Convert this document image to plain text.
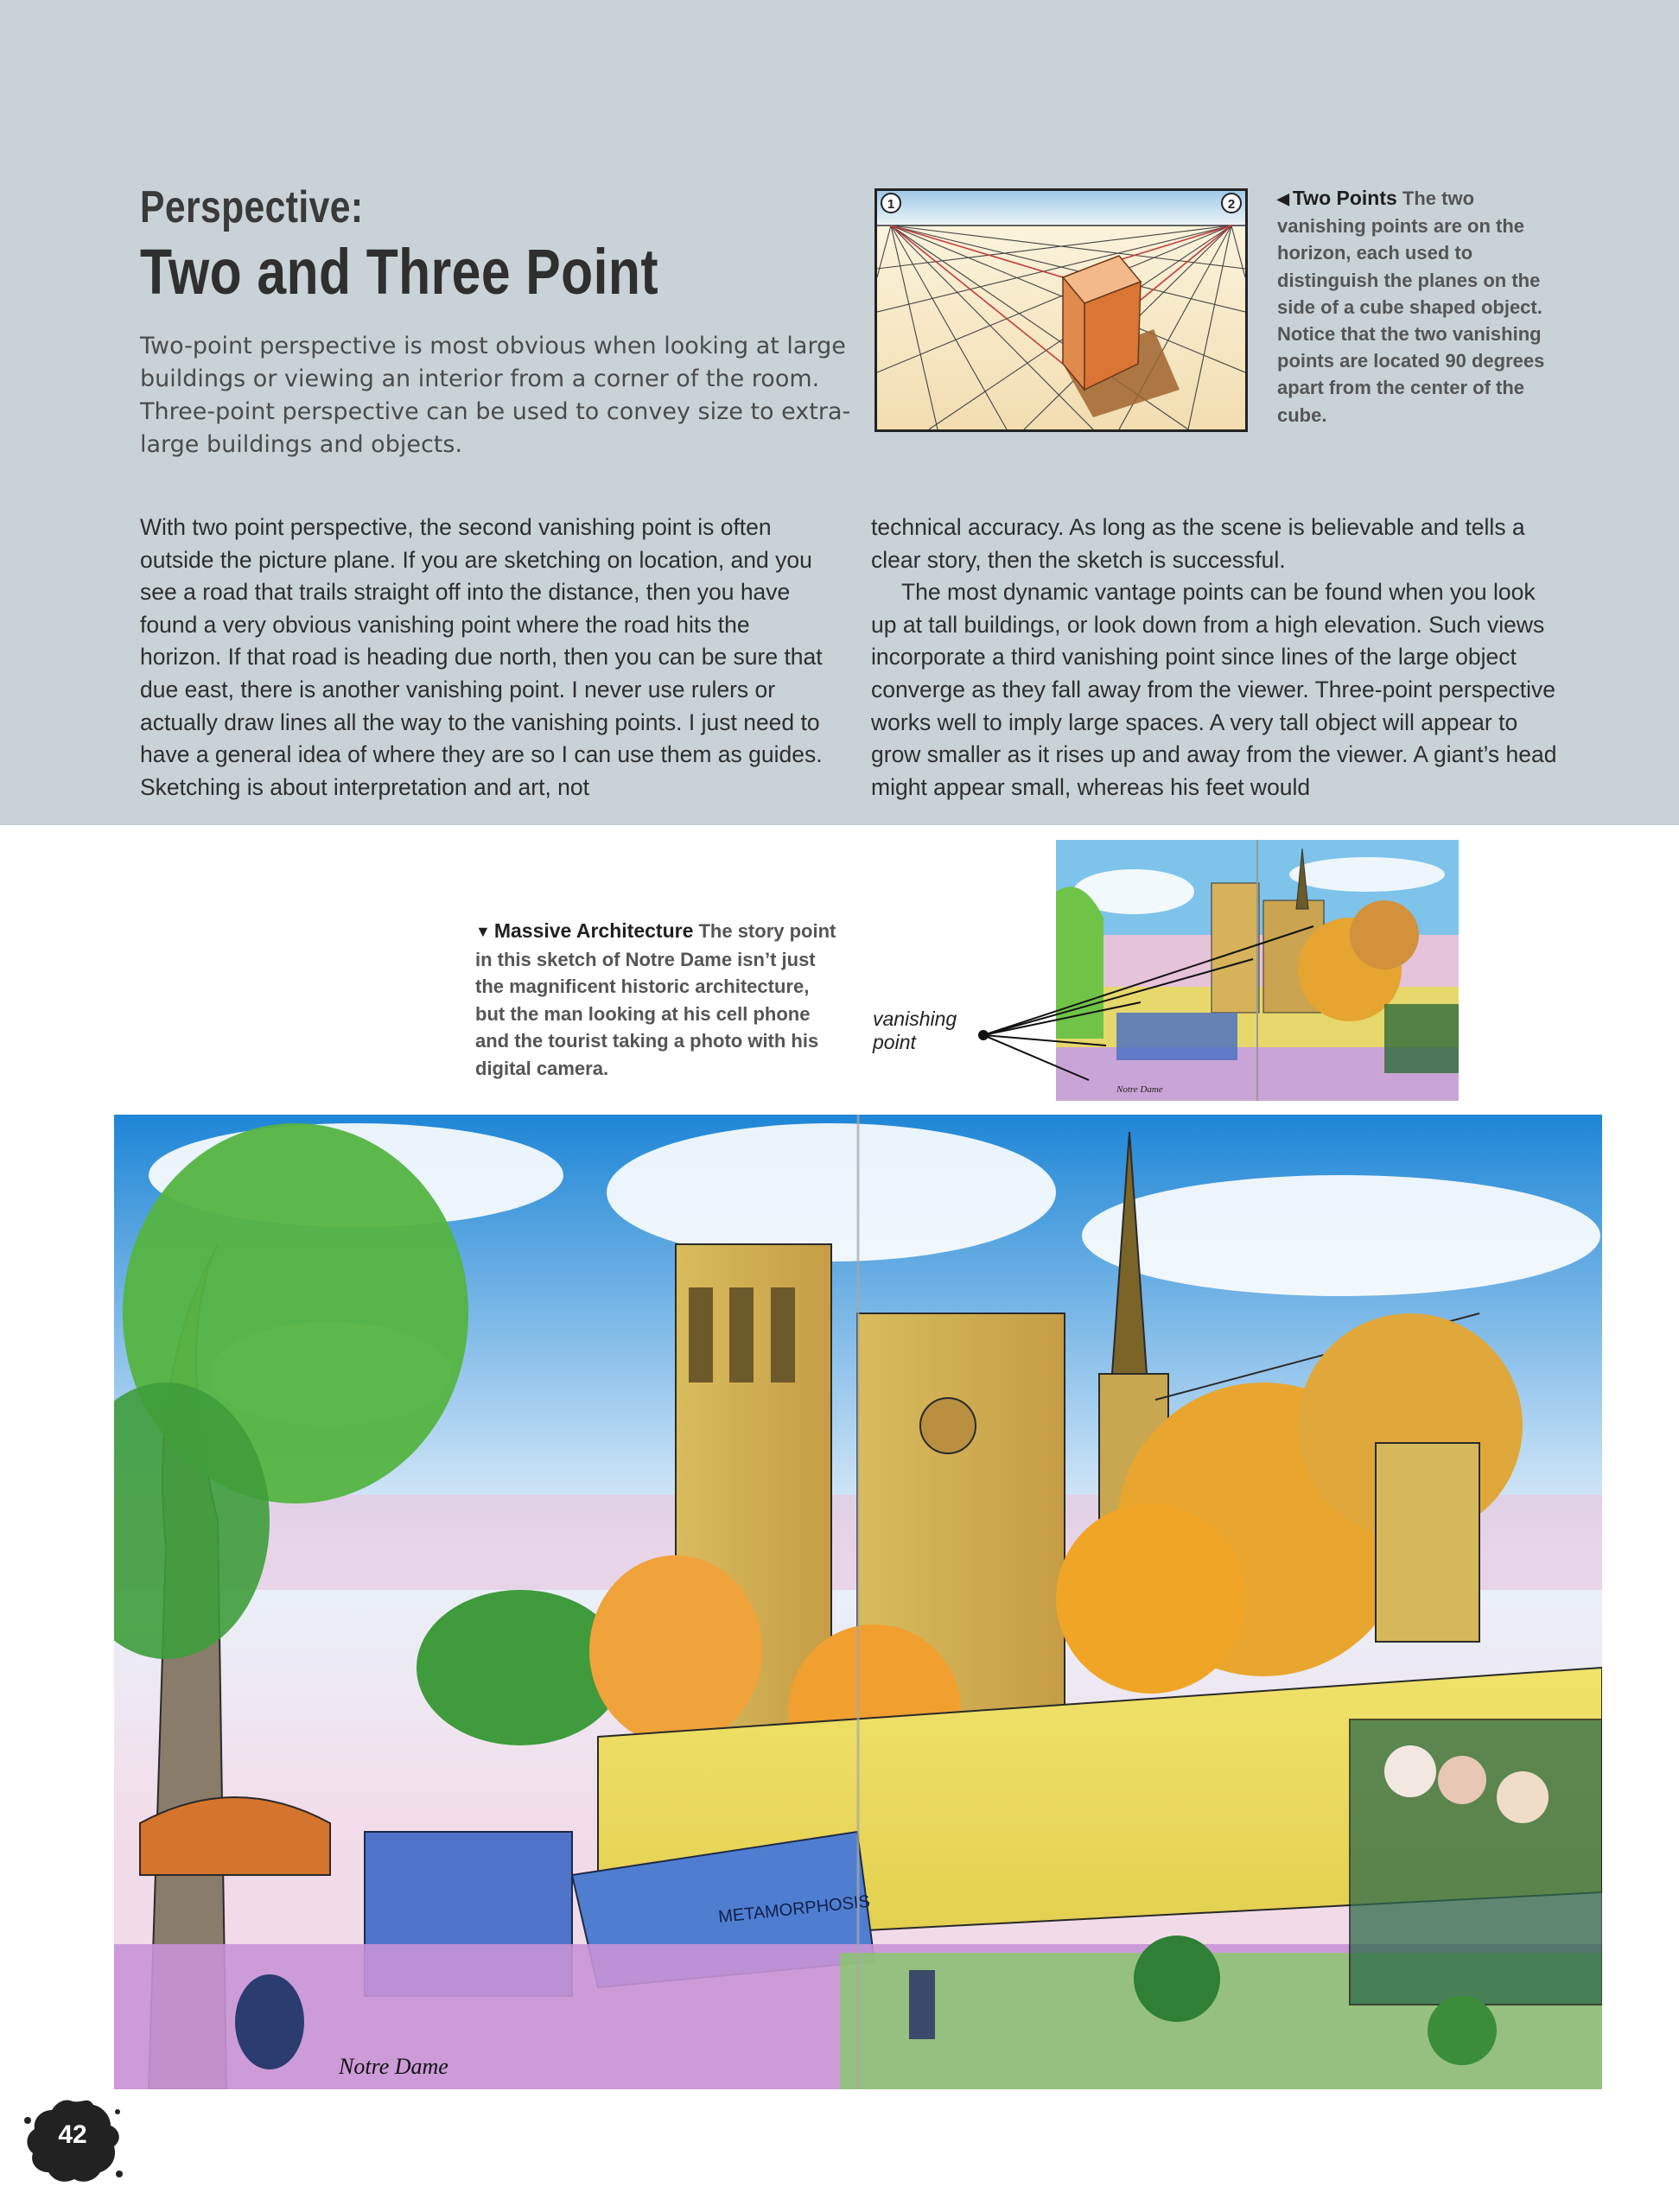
Perspective:
Two and Three Point
Two-point perspective is most obvious when looking at large buildings or viewing an interior from a corner of the room. Three-point perspective can be used to convey size to extra-large buildings and objects.

With two point perspective, the second vanishing point is often outside the picture plane. If you are sketching on location, and you see a road that trails straight off into the distance, then you have found a very obvious vanishing point where the road hits the horizon. If that road is heading due north, then you can be sure that due east, there is another vanishing point. I never use rulers or actually draw lines all the way to the vanishing points. I just need to have a general idea of where they are so I can use them as guides. Sketching is about interpretation and art, not

technical accuracy. As long as the scene is believable and tells a clear story, then the sketch is successful.

The most dynamic vantage points can be found when you look up at tall buildings, or look down from a high elevation. Such views incorporate a third vanishing point since lines of the large object converge as they fall away from the viewer. Three-point perspective works well to imply large spaces. A very tall object will appear to grow smaller as it rises up and away from the viewer. A giant’s head might appear small, whereas his feet would

1	2	◀ Two Points The two vanishing points are on the horizon, each used to distinguish the planes on the side of a cube shaped object. Notice that the two vanishing points are located 90 degrees apart from the center of the cube.
▼ Massive Architecture The story point in this sketch of Notre Dame isn’t just the magnificent historic architecture, but the man looking at his cell phone and the tourist taking a photo with his digital camera.
vanishing
point
Notre Dame
METAMORPHOSIS
Notre Dame
42
